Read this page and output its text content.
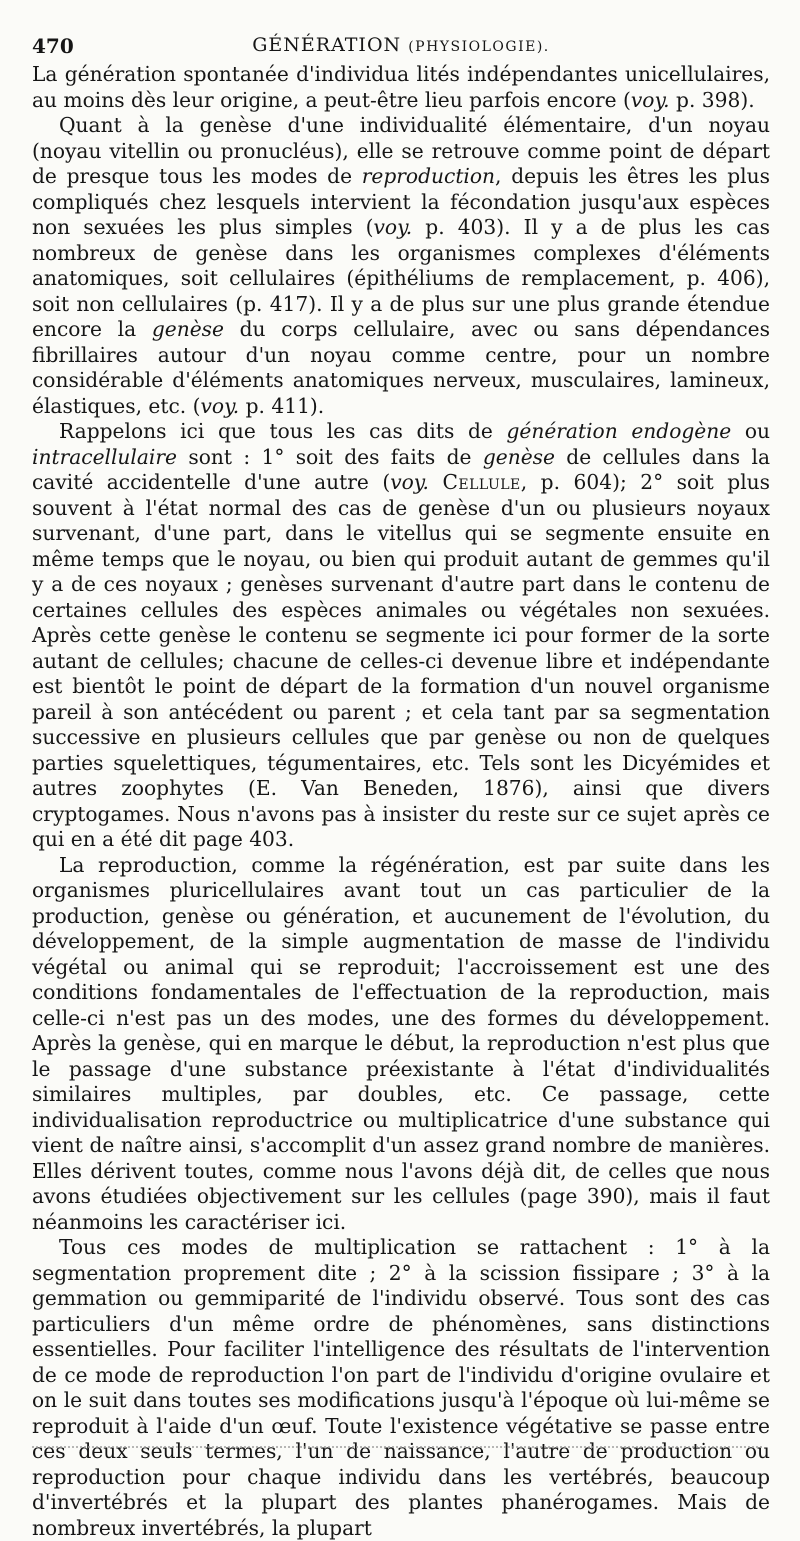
470	GÉNÉRATION (PHYSIOLOGIE).

La génération spontanée d'individua lités indépendantes unicellulaires, au moins dès leur origine, a peut-être lieu parfois encore (voy. p. 398).

Quant à la genèse d'une individualité élémentaire, d'un noyau (noyau vitellin ou pronucléus), elle se retrouve comme point de départ de presque tous les modes de reproduction, depuis les êtres les plus compliqués chez lesquels intervient la fécondation jusqu'aux espèces non sexuées les plus simples (voy. p. 403). Il y a de plus les cas nombreux de genèse dans les organismes complexes d'éléments anatomiques, soit cellulaires (épithéliums de remplacement, p. 406), soit non cellulaires (p. 417). Il y a de plus sur une plus grande étendue encore la genèse du corps cellulaire, avec ou sans dépendances fibrillaires autour d'un noyau comme centre, pour un nombre considérable d'éléments anatomiques nerveux, musculaires, lamineux, élastiques, etc. (voy. p. 411).

Rappelons ici que tous les cas dits de génération endogène ou intracellulaire sont : 1° soit des faits de genèse de cellules dans la cavité accidentelle d'une autre (voy. Cellule, p. 604); 2° soit plus souvent à l'état normal des cas de genèse d'un ou plusieurs noyaux survenant, d'une part, dans le vitellus qui se segmente ensuite en même temps que le noyau, ou bien qui produit autant de gemmes qu'il y a de ces noyaux ; genèses survenant d'autre part dans le contenu de certaines cellules des espèces animales ou végétales non sexuées. Après cette genèse le contenu se segmente ici pour former de la sorte autant de cellules; chacune de celles-ci devenue libre et indépendante est bientôt le point de départ de la formation d'un nouvel organisme pareil à son antécédent ou parent ; et cela tant par sa segmentation successive en plusieurs cellules que par genèse ou non de quelques parties squelettiques, tégumentaires, etc. Tels sont les Dicyémides et autres zoophytes (E. Van Beneden, 1876), ainsi que divers cryptogames. Nous n'avons pas à insister du reste sur ce sujet après ce qui en a été dit page 403.

La reproduction, comme la régénération, est par suite dans les organismes pluricellulaires avant tout un cas particulier de la production, genèse ou génération, et aucunement de l'évolution, du développement, de la simple augmentation de masse de l'individu végétal ou animal qui se reproduit; l'accroissement est une des conditions fondamentales de l'effectuation de la reproduction, mais celle-ci n'est pas un des modes, une des formes du développement. Après la genèse, qui en marque le début, la reproduction n'est plus que le passage d'une substance préexistante à l'état d'individualités similaires multiples, par doubles, etc. Ce passage, cette individualisation reproductrice ou multiplicatrice d'une substance qui vient de naître ainsi, s'accomplit d'un assez grand nombre de manières. Elles dérivent toutes, comme nous l'avons déjà dit, de celles que nous avons étudiées objectivement sur les cellules (page 390), mais il faut néanmoins les caractériser ici.

Tous ces modes de multiplication se rattachent : 1° à la segmentation proprement dite ; 2° à la scission fissipare ; 3° à la gemmation ou gemmiparité de l'individu observé. Tous sont des cas particuliers d'un même ordre de phénomènes, sans distinctions essentielles. Pour faciliter l'intelligence des résultats de l'intervention de ce mode de reproduction l'on part de l'individu d'origine ovulaire et on le suit dans toutes ses modifications jusqu'à l'époque où lui-même se reproduit à l'aide d'un œuf. Toute l'existence végétative se passe entre ces deux seuls termes, l'un de naissance, l'autre de production ou reproduction pour chaque individu dans les vertébrés, beaucoup d'invertébrés et la plupart des plantes phanérogames. Mais de nombreux invertébrés, la plupart
